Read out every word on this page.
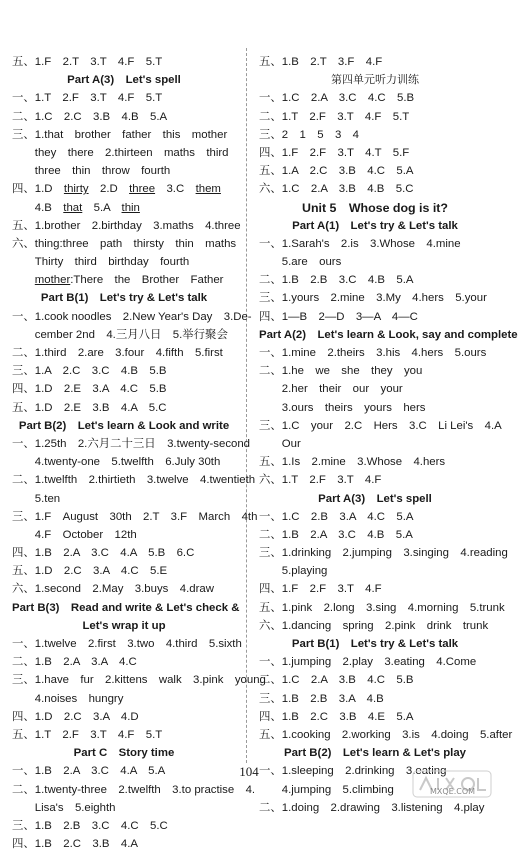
五、1.F　2.T　3.T　4.F　5.T
Part A(3)　Let's spell
一、1.T　2.F　3.T　4.F　5.T
二、1.C　2.C　3.B　4.B　5.A
三、1.that　brother　father　this　mother
　　they　there　2.thirteen　maths　third
　　three　thin　throw　fourth
四、1.D　thirty　2.D　three　3.C　them
　　4.B　that　5.A　thin
五、1.brother　2.birthday　3.maths　4.three
六、thing:three　path　thirsty　thin　maths
　　Thirty　third　birthday　fourth
　　mother:There　the　Brother　Father
Part B(1)　Let's try & Let's talk
一、1.cook noodles　2.New Year's Day　3.De-
　　cember 2nd　4.三月八日　5.举行聚会
二、1.third　2.are　3.four　4.fifth　5.first
三、1.A　2.C　3.C　4.B　5.B
四、1.D　2.E　3.A　4.C　5.B
五、1.D　2.E　3.B　4.A　5.C
Part B(2)　Let's learn & Look and write
一、1.25th　2.六月二十三日　3.twenty-second
　　4.twenty-one　5.twelfth　6.July 30th
二、1.twelfth　2.thirtieth　3.twelve　4.twentieth
　　5.ten
三、1.F　August　30th　2.T　3.F　March　4th
　　4.F　October　12th
四、1.B　2.A　3.C　4.A　5.B　6.C
五、1.D　2.C　3.A　4.C　5.E
六、1.second　2.May　3.buys　4.draw
Part B(3)　Read and write & Let's check &
Let's wrap it up
一、1.twelve　2.first　3.two　4.third　5.sixth
二、1.B　2.A　3.A　4.C
三、1.have　fur　2.kittens　walk　3.pink　young
　　4.noises　hungry
四、1.D　2.C　3.A　4.D
五、1.T　2.F　3.T　4.F　5.T
Part C　Story time
一、1.B　2.A　3.C　4.A　5.A
二、1.twenty-three　2.twelfth　3.to practise　4.
　　Lisa's　5.eighth
三、1.B　2.B　3.C　4.C　5.C
四、1.B　2.C　3.B　4.A
五、1.B　2.T　3.F　4.F
第四单元听力训练
一、1.C　2.A　3.C　4.C　5.B
二、1.T　2.F　3.T　4.F　5.T
三、2　1　5　3　4
四、1.F　2.F　3.T　4.T　5.F
五、1.A　2.C　3.B　4.C　5.A
六、1.C　2.A　3.B　4.B　5.C
Unit 5　Whose dog is it?
Part A(1)　Let's try & Let's talk
一、1.Sarah's　2.is　3.Whose　4.mine
　　5.are　ours
二、1.B　2.B　3.C　4.B　5.A
三、1.yours　2.mine　3.My　4.hers　5.your
四、1—B　2—D　3—A　4—C
Part A(2)　Let's learn & Look, say and complete
一、1.mine　2.theirs　3.his　4.hers　5.ours
二、1.he　we　she　they　you
　　2.her　their　our　your
　　3.ours　theirs　yours　hers
三、1.C　your　2.C　Hers　3.C　Li Lei's　4.A
　　Our
五、1.Is　2.mine　3.Whose　4.hers
六、1.T　2.F　3.T　4.F
Part A(3)　Let's spell
一、1.C　2.B　3.A　4.C　5.A
二、1.B　2.A　3.C　4.B　5.A
三、1.drinking　2.jumping　3.singing　4.reading
　　5.playing
四、1.F　2.F　3.T　4.F
五、1.pink　2.long　3.sing　4.morning　5.trunk
六、1.dancing　spring　2.pink　drink　trunk
Part B(1)　Let's try & Let's talk
一、1.jumping　2.play　3.eating　4.Come
二、1.C　2.A　3.B　4.C　5.B
三、1.B　2.B　3.A　4.B
四、1.B　2.C　3.B　4.E　5.A
五、1.cooking　2.working　3.is　4.doing　5.after
Part B(2)　Let's learn & Let's play
一、1.sleeping　2.drinking　3.eating
　　4.jumping　5.climbing
二、1.doing　2.drawing　3.listening　4.play
104
MXQE.COM
